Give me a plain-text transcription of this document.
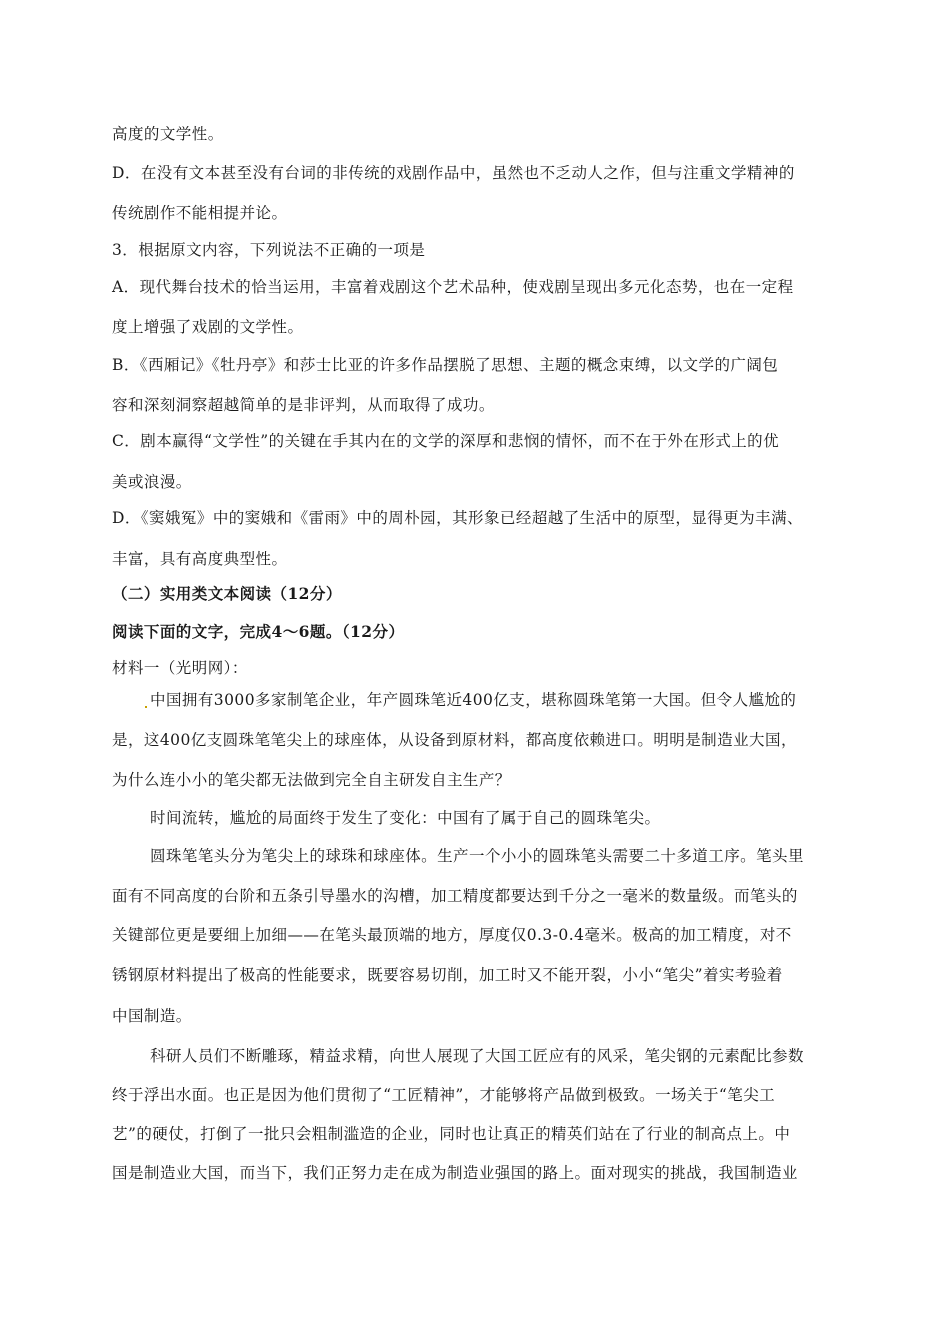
高度的文学性。
D．在没有文本甚至没有台词的非传统的戏剧作品中，虽然也不乏动人之作，但与注重文学精神的
传统剧作不能相提并论。
3．根据原文内容，下列说法不正确的一项是
A．现代舞台技术的恰当运用，丰富着戏剧这个艺术品种，使戏剧呈现出多元化态势，也在一定程
度上增强了戏剧的文学性。
B．《西厢记》《牡丹亭》和莎士比亚的许多作品摆脱了思想、主题的概念束缚，以文学的广阔包
容和深刻洞察超越简单的是非评判，从而取得了成功。
C．剧本赢得“文学性”的关键在手其内在的文学的深厚和悲悯的情怀，而不在于外在形式上的优
美或浪漫。
D．《窦娥冤》中的窦娥和《雷雨》中的周朴园，其形象已经超越了生活中的原型，显得更为丰满、
丰富，具有高度典型性。
（二）实用类文本阅读（12分）
阅读下面的文字，完成4～6题。（12分）
材料一（光明网）：
中国拥有3000多家制笔企业，年产圆珠笔近400亿支，堪称圆珠笔第一大国。但令人尴尬的
是，这400亿支圆珠笔笔尖上的球座体，从设备到原材料，都高度依赖进口。明明是制造业大国，
为什么连小小的笔尖都无法做到完全自主研发自主生产？
时间流转，尴尬的局面终于发生了变化：中国有了属于自己的圆珠笔尖。
圆珠笔笔头分为笔尖上的球珠和球座体。生产一个小小的圆珠笔头需要二十多道工序。笔头里
面有不同高度的台阶和五条引导墨水的沟槽，加工精度都要达到千分之一毫米的数量级。而笔头的
关键部位更是要细上加细——在笔头最顶端的地方，厚度仅0.3-0.4毫米。极高的加工精度，对不
锈钢原材料提出了极高的性能要求，既要容易切削，加工时又不能开裂，小小“笔尖”着实考验着
中国制造。
科研人员们不断雕琢，精益求精，向世人展现了大国工匠应有的风采，笔尖钢的元素配比参数
终于浮出水面。也正是因为他们贯彻了“工匠精神”，才能够将产品做到极致。一场关于“笔尖工
艺”的硬仗，打倒了一批只会粗制滥造的企业，同时也让真正的精英们站在了行业的制高点上。中
国是制造业大国，而当下，我们正努力走在成为制造业强国的路上。面对现实的挑战，我国制造业
